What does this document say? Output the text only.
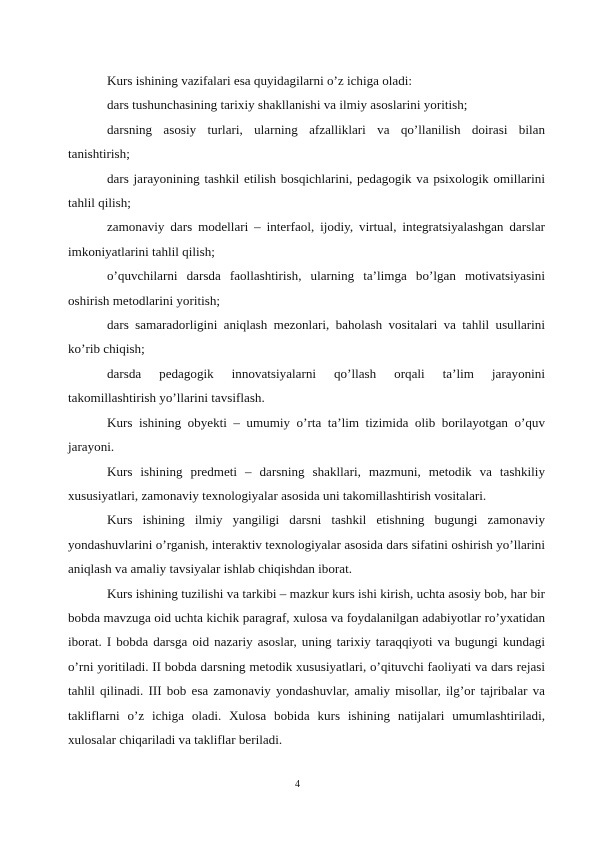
Kurs ishining vazifalari esa quyidagilarni o’z ichiga oladi:

dars tushunchasining tarixiy shakllanishi va ilmiy asoslarini yoritish;

darsning asosiy turlari, ularning afzalliklari va qo’llanilish doirasi bilan tanishtirish;

dars jarayonining tashkil etilish bosqichlarini, pedagogik va psixologik omillarini tahlil qilish;

zamonaviy dars modellari – interfaol, ijodiy, virtual, integratsiyalashgan darslar imkoniyatlarini tahlil qilish;

o’quvchilarni darsda faollashtirish, ularning ta’limga bo’lgan motivatsiyasini oshirish metodlarini yoritish;

dars samaradorligini aniqlash mezonlari, baholash vositalari va tahlil usullarini ko’rib chiqish;

darsda pedagogik innovatsiyalarni qo’llash orqali ta’lim jarayonini takomillashtirish yo’llarini tavsiflash.

Kurs ishining obyekti – umumiy o’rta ta’lim tizimida olib borilayotgan o’quv jarayoni.

Kurs ishining predmeti – darsning shakllari, mazmuni, metodik va tashkiliy xususiyatlari, zamonaviy texnologiyalar asosida uni takomillashtirish vositalari.

Kurs ishining ilmiy yangiligi darsni tashkil etishning bugungi zamonaviy yondashuvlarini o’rganish, interaktiv texnologiyalar asosida dars sifatini oshirish yo’llarini aniqlash va amaliy tavsiyalar ishlab chiqishdan iborat.

Kurs ishining tuzilishi va tarkibi – mazkur kurs ishi kirish, uchta asosiy bob, har bir bobda mavzuga oid uchta kichik paragraf, xulosa va foydalanilgan adabiyotlar ro’yxatidan iborat. I bobda darsga oid nazariy asoslar, uning tarixiy taraqqiyoti va bugungi kundagi o’rni yoritiladi. II bobda darsning metodik xususiyatlari, o’qituvchi faoliyati va dars rejasi tahlil qilinadi. III bob esa zamonaviy yondashuvlar, amaliy misollar, ilg’or tajribalar va takliflarni o’z ichiga oladi. Xulosa bobida kurs ishining natijalari umumlashtiriladi, xulosalar chiqariladi va takliflar beriladi.

4
